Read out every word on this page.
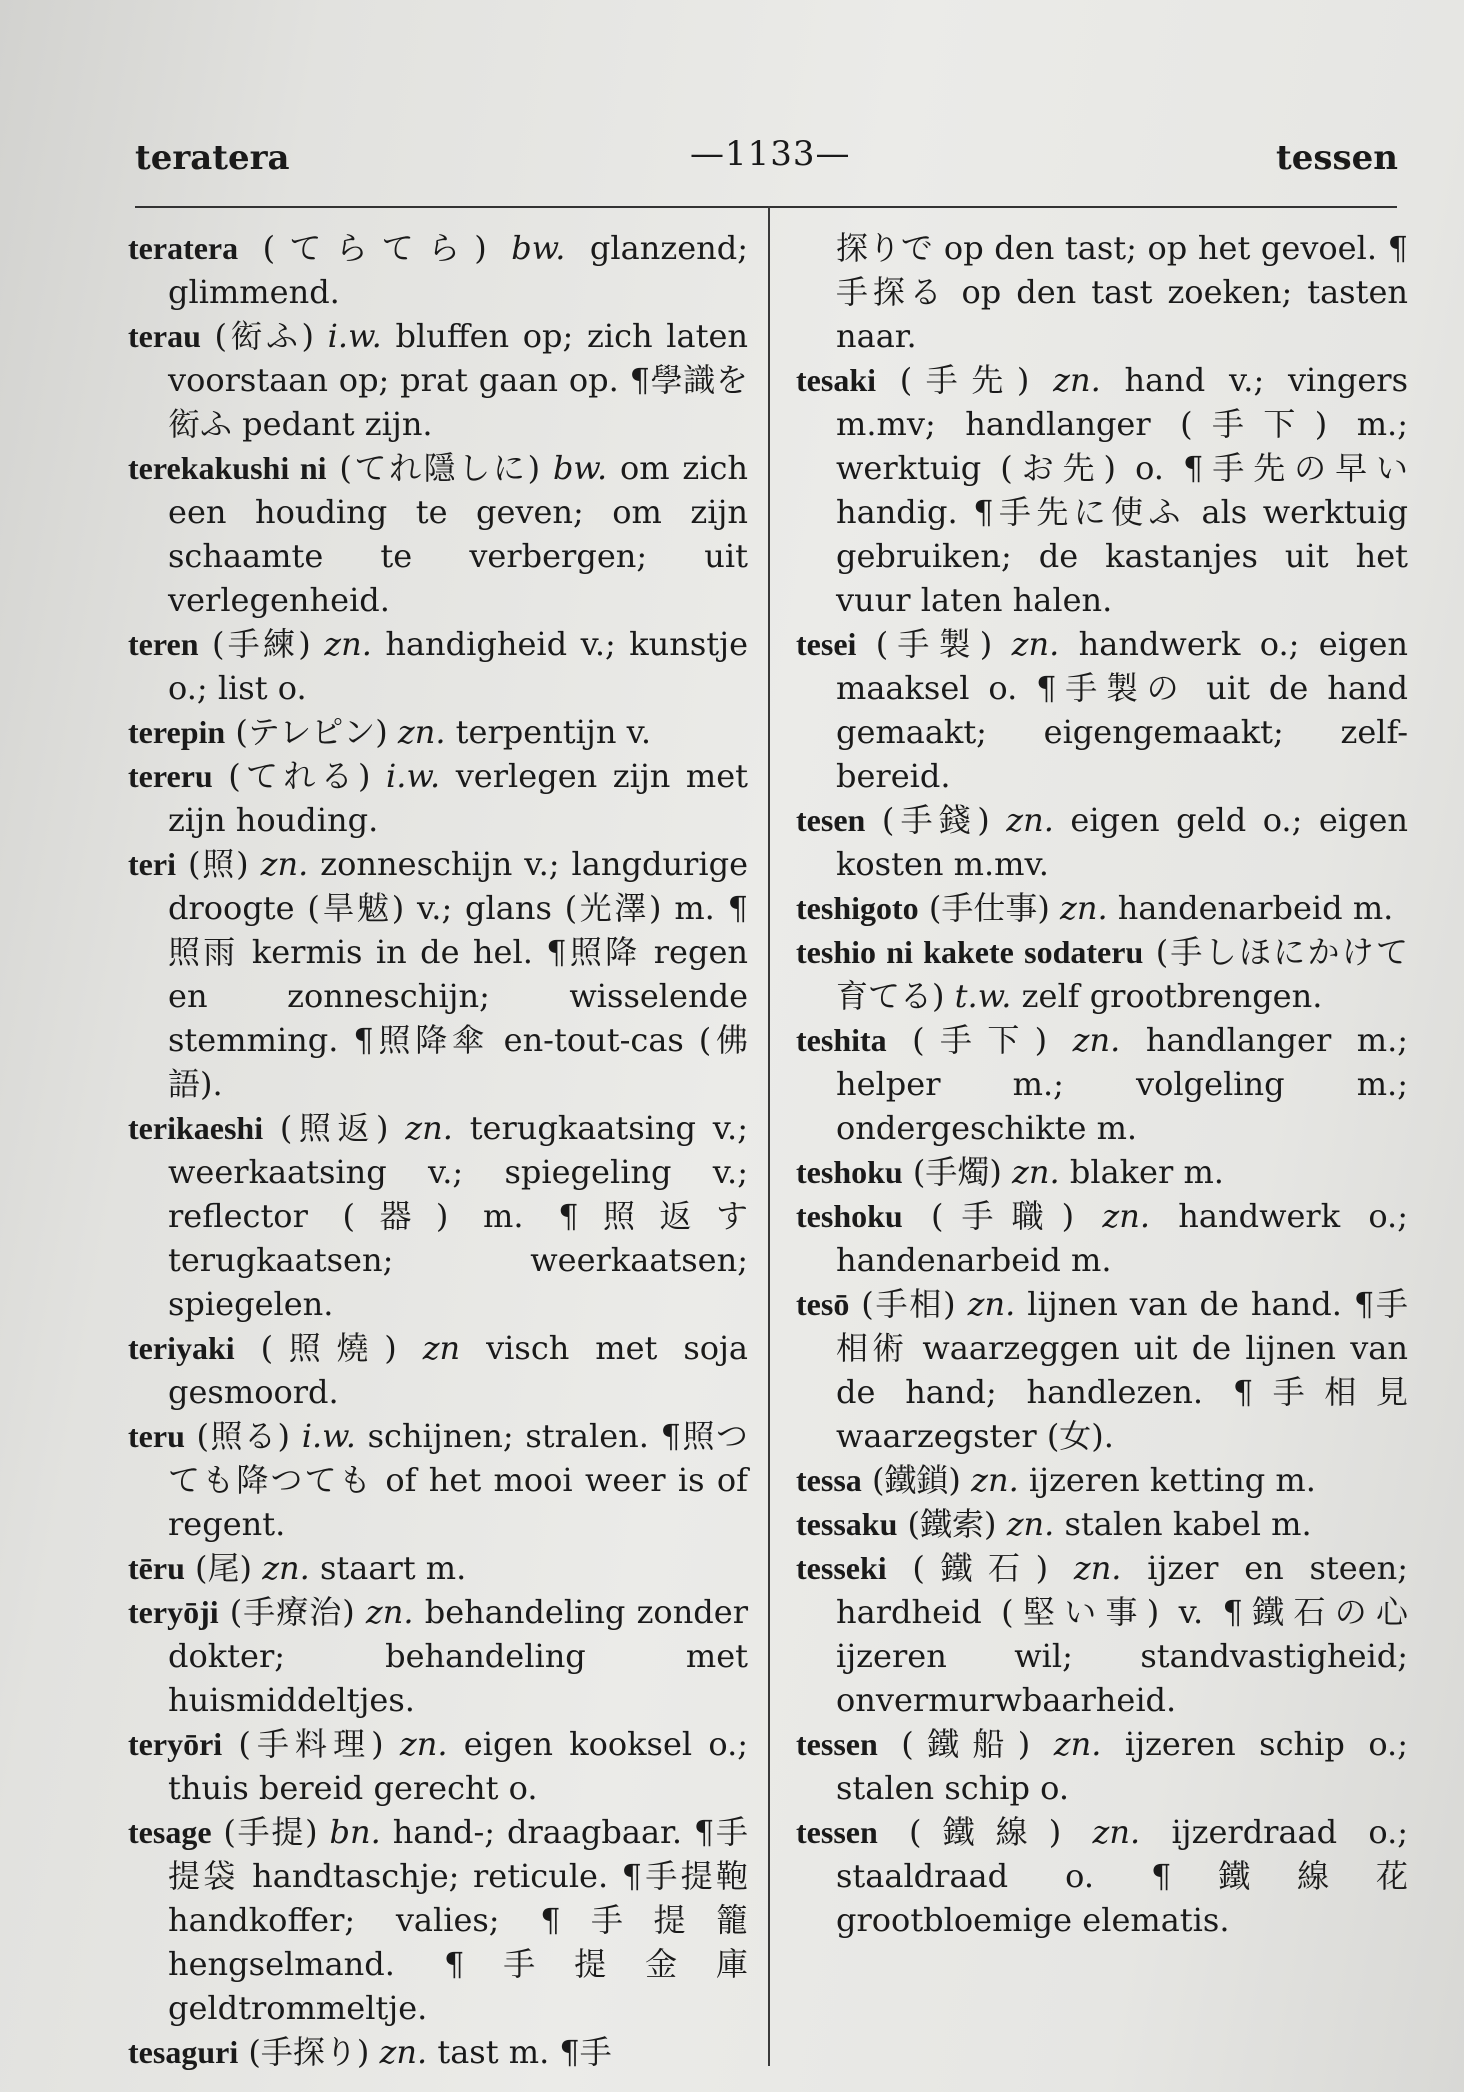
teratera	—1133—	tessen
teratera (てらてら) bw. glanzend; glimmend.
terau (衒ふ) i.w. bluffen op; zich laten voorstaan op; prat gaan op. ¶學識を衒ふ pedant zijn.
terekakushi ni (てれ隱しに) bw. om zich een houding te geven; om zijn schaamte te verbergen; uit verlegenheid.
teren (手練) zn. handigheid v.; kunstje o.; list o.
terepin (テレピン) zn. terpentijn v.
tereru (てれる) i.w. verlegen zijn met zijn houding.
teri (照) zn. zonneschijn v.; langdurige droogte (旱魃) v.; glans (光澤) m. ¶照雨 kermis in de hel. ¶照降 regen en zonneschijn; wisselende stemming. ¶照降傘 en-tout-cas (佛語).
terikaeshi (照返) zn. terugkaatsing v.; weerkaatsing v.; spiegeling v.; reflector (器) m. ¶照返す terugkaatsen; weerkaatsen; spiegelen.
teriyaki (照燒) zn visch met soja gesmoord.
teru (照る) i.w. schijnen; stralen. ¶照つても降つても of het mooi weer is of regent.
tēru (尾) zn. staart m.
teryōji (手療治) zn. behandeling zonder dokter; behandeling met huismiddeltjes.
teryōri (手料理) zn. eigen kooksel o.; thuis bereid gerecht o.
tesage (手提) bn. hand-; draagbaar. ¶手提袋 handtaschje; reticule. ¶手提鞄 handkoffer; valies; ¶手提籠 hengselmand. ¶手提金庫 geldtrommeltje.
tesaguri (手探り) zn. tast m. ¶手
探りで op den tast; op het gevoel. ¶手探る op den tast zoeken; tasten naar.
tesaki (手先) zn. hand v.; vingers m.mv; handlanger (手下) m.; werktuig (お先) o. ¶手先の早い handig. ¶手先に使ふ als werktuig gebruiken; de kastanjes uit het vuur laten halen.
tesei (手製) zn. handwerk o.; eigen maaksel o. ¶手製の uit de hand gemaakt; eigengemaakt; zelf-bereid.
tesen (手錢) zn. eigen geld o.; eigen kosten m.mv.
teshigoto (手仕事) zn. handenarbeid m.
teshio ni kakete sodateru (手しほにかけて育てる) t.w. zelf grootbrengen.
teshita (手下) zn. handlanger m.; helper m.; volgeling m.; ondergeschikte m.
teshoku (手燭) zn. blaker m.
teshoku (手職) zn. handwerk o.; handenarbeid m.
tesō (手相) zn. lijnen van de hand. ¶手相術 waarzeggen uit de lijnen van de hand; handlezen. ¶手相見 waarzegster (女).
tessa (鐵鎖) zn. ijzeren ketting m.
tessaku (鐵索) zn. stalen kabel m.
tesseki (鐵石) zn. ijzer en steen; hardheid (堅い事) v. ¶鐵石の心 ijzeren wil; standvastigheid; onvermurwbaarheid.
tessen (鐵船) zn. ijzeren schip o.; stalen schip o.
tessen (鐵線) zn. ijzerdraad o.; staaldraad o. ¶鐵線花 grootbloemige elematis.
